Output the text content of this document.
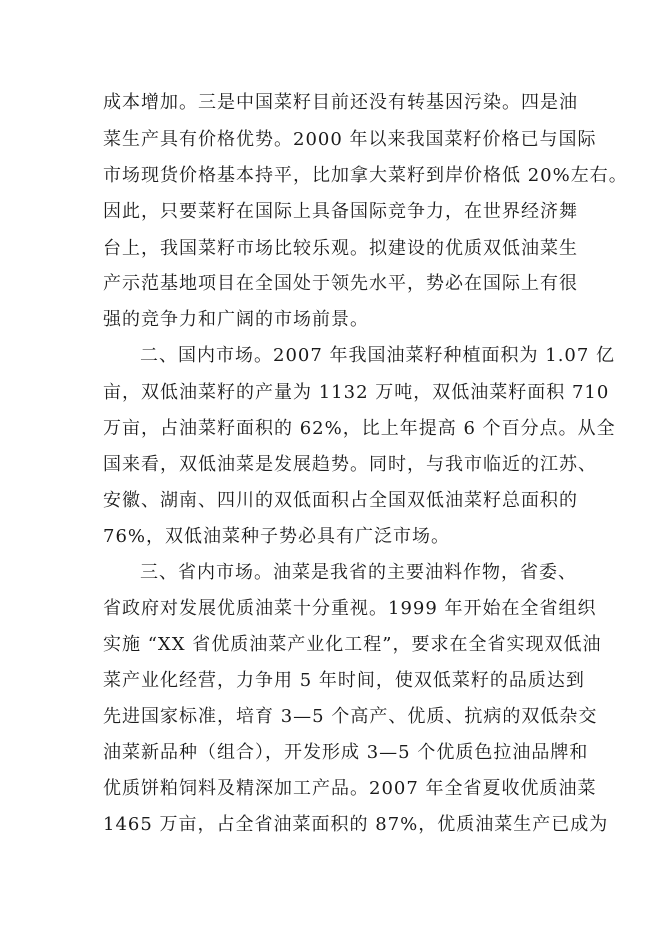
成本增加。三是中国菜籽目前还没有转基因污染。四是油
菜生产具有价格优势。2000 年以来我国菜籽价格已与国际
市场现货价格基本持平，比加拿大菜籽到岸价格低 20%左右。
因此，只要菜籽在国际上具备国际竞争力，在世界经济舞
台上，我国菜籽市场比较乐观。拟建设的优质双低油菜生
产示范基地项目在全国处于领先水平，势必在国际上有很
强的竞争力和广阔的市场前景。
二、国内市场。2007 年我国油菜籽种植面积为 1.07 亿
亩，双低油菜籽的产量为 1132 万吨，双低油菜籽面积 710
万亩，占油菜籽面积的 62%，比上年提高 6 个百分点。从全
国来看，双低油菜是发展趋势。同时，与我市临近的江苏、
安徽、湖南、四川的双低面积占全国双低油菜籽总面积的
76%，双低油菜种子势必具有广泛市场。
三、省内市场。油菜是我省的主要油料作物，省委、
省政府对发展优质油菜十分重视。1999 年开始在全省组织
实施 “XX 省优质油菜产业化工程”，要求在全省实现双低油
菜产业化经营，力争用 5 年时间，使双低菜籽的品质达到
先进国家标准，培育 3—5 个高产、优质、抗病的双低杂交
油菜新品种（组合），开发形成 3—5 个优质色拉油品牌和
优质饼粕饲料及精深加工产品。2007 年全省夏收优质油菜
1465 万亩，占全省油菜面积的 87%，优质油菜生产已成为
